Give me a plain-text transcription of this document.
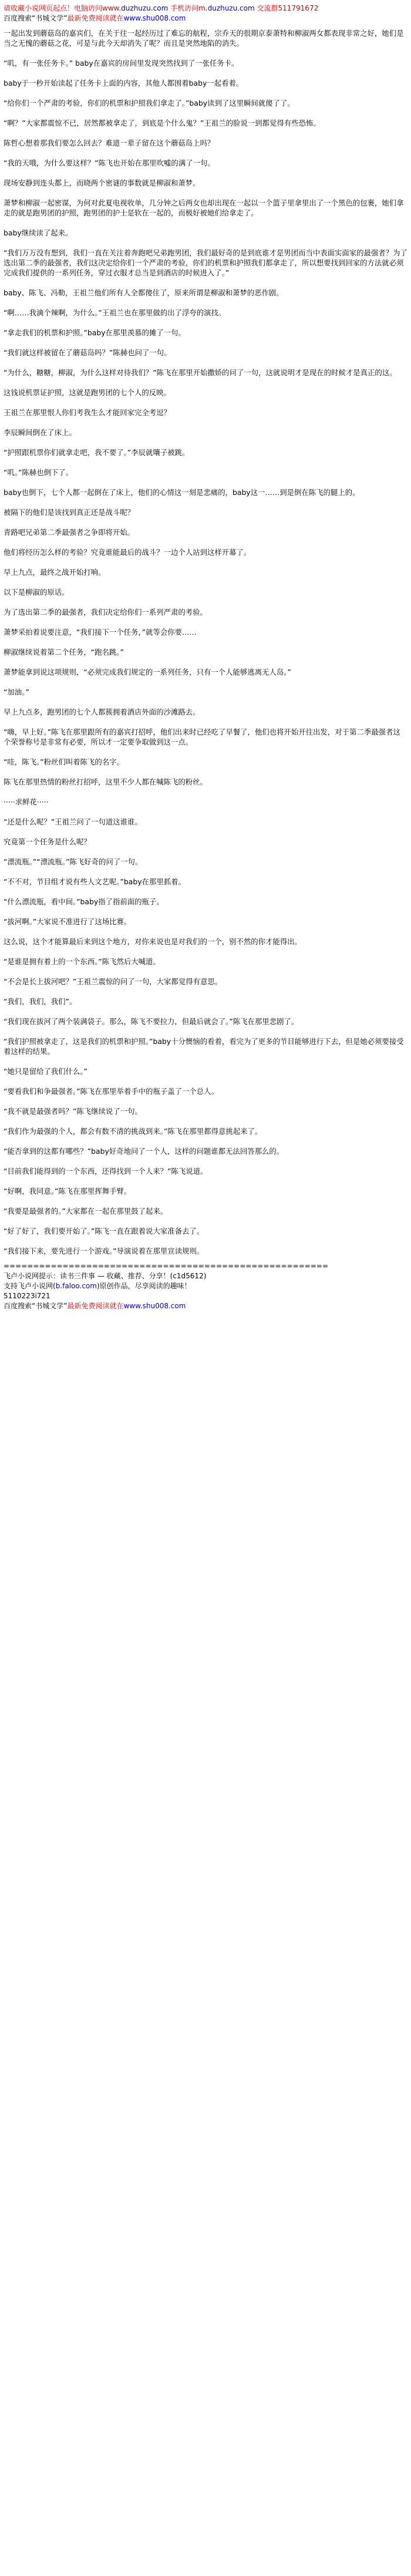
请收藏小说网页起点！电脑访问www.duzhuzu.com 手机访问m.duzhuzu.com 交流群511791672
百度搜索“书城文学”最新免费阅读就在www.shu008.com
一起出发到蘑菇岛的嘉宾们，在关于往一起经历过了难忘的航程，宗乔天的很期京泰萧特和柳淑两女都表现非常之好，她们是当之无愧的蘑菇之花，可是与此今天却消失了呢？而且是突然地陷的消失。
“叽，有一张任务卡。” baby在嘉宾的房间里发现突然找到了一张任务卡。
baby于一秒开始读起了任务卡上面的内容，其他人都围着baby一起看着。
“给你们一个严肃的考验，你们的机票和护照我们拿走了。”baby读到了这里瞬间就傻了了。
“啊？”大家都震惊不已，居然都被拿走了，到底是个什么鬼？”王祖兰的脸说一到都觉得有些恐怖。
陈哲心想着那我们要怎么回去？难道一辈子留在这个蘑菇岛上吗？
“我的天哦，为什么要这样？”陈飞也开始在那里吹嘘的满了一句。
现场安静到连头都上，而晓两个密谜的事数就是柳淑和萧梦。
萧梦和柳淑一起密谋，为何对此夏电视收单，几分钟之后两女也却出现在一起以一个篮子里拿里出了一个黑色的包裹，她们拿走的就是跑男团的护照，跑男团的护士是软在一起的，而极好被她们给拿走了。
baby继续读了起来。
“我们万万没有想到，我们一直在关注着奔跑吧兄弟跑男团，我们最好奇的是到底谁才是男团而当中表面实面家的最强者？为了选出第二季的最强者，我们这决定给你们一个严肃的考验，你们的机票和护照我们都拿走了，所以想要找到回家的方法就必须完成我们提供的一系列任务，穿过衣服才总当是到酒店的时候进入了。”
baby、陈飞、冯勒，王祖兰他们所有人全都傻住了，原来所谓是柳淑和萧梦的恶作剧。
“啊……我滴个辣啊，为什么。”王祖兰也在那里做的出了浮夸的演技。
“拿走我们的机票和护照。”baby在那里羡慕的摊了一句。
“我们就这样被留在了蘑菇岛吗？”陈赫也问了一句。
“为什么，糖糖，柳淑，为什么这样对待我们？”陈飞在那里开始撒娇的问了一句，这就说明才是现在的时候才是真正的这。
这钱说机票证护照，这就是跑男团的七个人的反映。
王祖兰在那里恨人你们考我生么才能回家完全考逗？
李辰瞬间倒在了床上。
“护照跟机票你们就拿走吧，我不要了。”李辰就嚷子被跳。
“叽。”陈赫也倒下了。
baby也倒下，七个人都一起倒在了床上，他们的心情这一刻是悲痛的，baby这一……到是倒在陈飞的腿上的。
被隔下的他们是该找到真正还是战斗呢？
青路吧兄弟第二季最强者之争即将开始。
他们将经历怎么样的考验？究竟谁能最后的战斗？一边个人站到这样开幕了。
早上九点，最终之战开始打响。
以下是柳淑的原话。
为了选出第二季的最强者，我们决定给你们一系列严肃的考验。
萧梦采拍着说要注意，“我们接下一个任务，”就等会你要……
柳淑继续说着第二个任务，“跑名跳。”
萧梦能拿到说这项规则，“必须完成我们规定的一系列任务，只有一个人能够逃离无人岛。”
“加油。”
早上九点多，跑男团的七个人都簇拥着酒店外面的沙滩路去。
“嗨，早上好。”陈飞在那里跟所有的嘉宾打招呼，他们出来时已经吃了早餐了，他们也将开始开往出发，对于第二季最强者这个荣誉称号是非常有必要，所以才一定要争取做到这一点。
“哇，陈飞。”粉丝们叫着陈飞的名字。
陈飞在那里热情的粉丝打招呼，这里不少人都在喊陈飞的粉丝。
·····求鲜花·····
“还是什么呢？”王祖兰问了一句道这谁谁。
究竟第一个任务是什么呢？
“漂流瓶。”“漂流瓶。”陈飞好奇的问了一句。
“不不对，节目组才说有些人文艺呢。”baby在那里抓着。
“什么漂流瓶，看中间。”baby指了指前面的瓶子。
“拔河啊。”大家说不准进行了这场比赛。
这么说，这个才能算最后来到这个地方，对你来说也是对我们的一个，别不然的你才能得出。
“是谁是拥有着上的一个东西。”陈飞然后大喊道。
“不会是长上拔河吧？”王祖兰震惊的问了一句，大家都觉得有意思。
“我们，我们，我们”。
“我们现在拔河了两个装满袋子。那么，陈飞不要拉力，但最后就会了。”陈飞在那里悲剧了。
“我们护照被拿走了，这是我们的机票和护照。”baby十分懊恼的看着，看完为了更多的节目能够进行下去，但是她必须要接受着这样的结果。
“她只是留给了我们什么。”
“要看我们和争最强者。”陈飞在那里举着手中的瓶子盖了一个总人。
“我不就是最强者吗？”陈飞继续说了一句。
“我们作为最强的个人，都会有数不清的挑战到来。”陈飞在那里都得意挑起来了。
“能否拿到的这都有哪些？”baby好奇地问了一个人，这样的问题谁都无法回答那么的。
“目前我们能得到的一个东西，还得找到一个人来？”陈飞说道。
“好啊，我同意。”陈飞在那里挥舞手臂。
“我要是最强者的。”大家都在一起在那里鼓了起来。
“好了好了，我们要开始了。”陈飞一直在跟着说大家准备去了。
“我们接下来，要先进行一个游戏。”导演说着在那里宣读规则。
=======================================================
飞卢小说网提示：读书三件事 — 收藏、推荐、分享！(c1d5612)
支持飞卢小说网(b.faloo.com)原创作品，尽享阅读的趣味！
5110223i721
百度搜索“书城文学”最新免费阅读就在www.shu008.com
